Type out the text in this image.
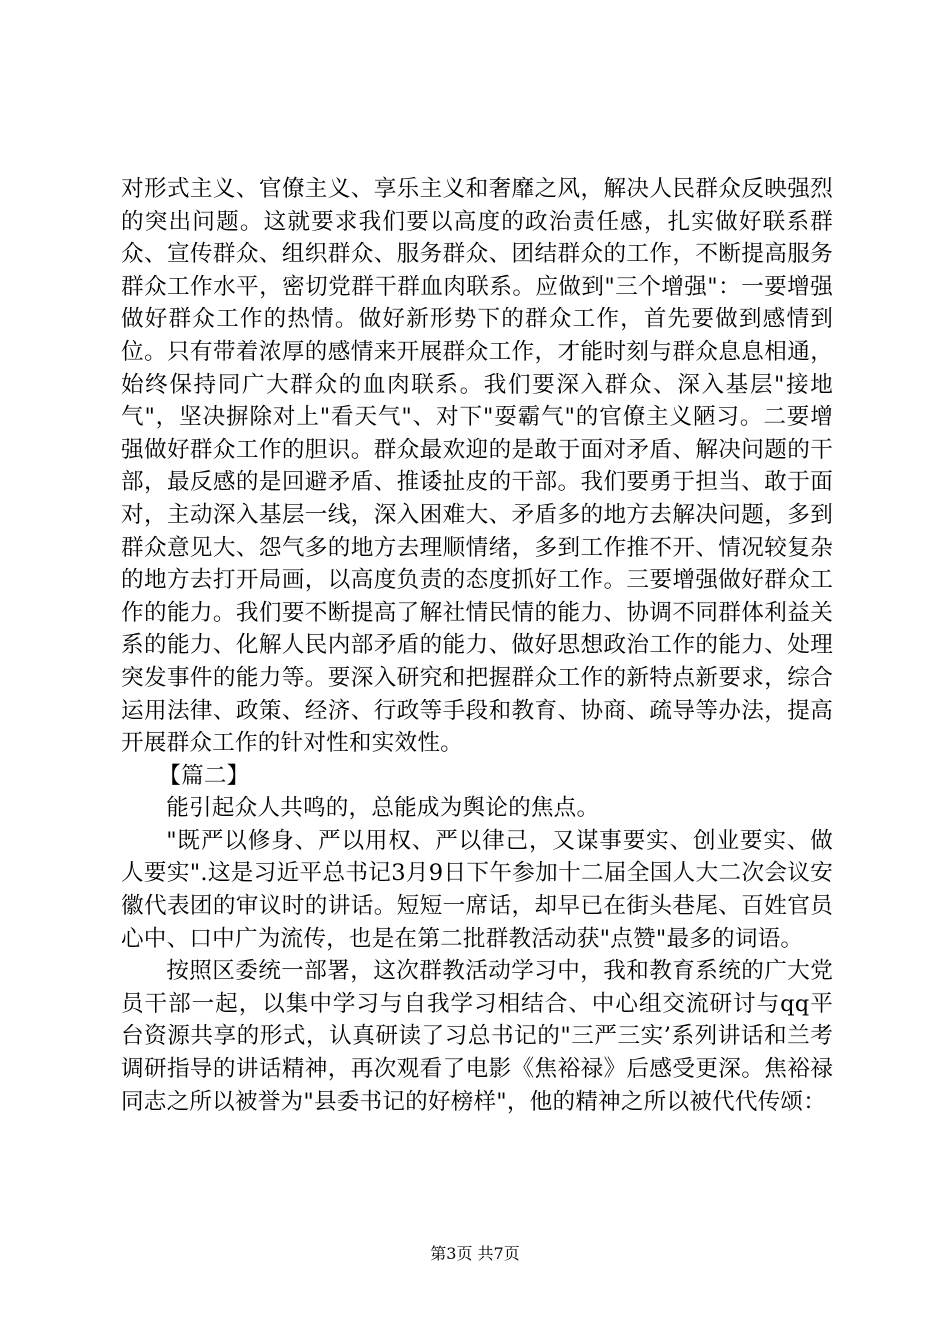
对形式主义、官僚主义、享乐主义和奢靡之风，解决人民群众反映强烈的突出问题。这就要求我们要以高度的政治责任感，扎实做好联系群众、宣传群众、组织群众、服务群众、团结群众的工作，不断提高服务群众工作水平，密切党群干群血肉联系。应做到"三个增强"：一要增强做好群众工作的热情。做好新形势下的群众工作，首先要做到感情到位。只有带着浓厚的感情来开展群众工作，才能时刻与群众息息相通，始终保持同广大群众的血肉联系。我们要深入群众、深入基层"接地气"，坚决摒除对上"看天气"、对下"耍霸气"的官僚主义陋习。二要增强做好群众工作的胆识。群众最欢迎的是敢于面对矛盾、解决问题的干部，最反感的是回避矛盾、推诿扯皮的干部。我们要勇于担当、敢于面对，主动深入基层一线，深入困难大、矛盾多的地方去解决问题，多到群众意见大、怨气多的地方去理顺情绪，多到工作推不开、情况较复杂的地方去打开局画，以高度负责的态度抓好工作。三要增强做好群众工作的能力。我们要不断提高了解社情民情的能力、协调不同群体利益关系的能力、化解人民内部矛盾的能力、做好思想政治工作的能力、处理突发事件的能力等。要深入研究和把握群众工作的新特点新要求，综合运用法律、政策、经济、行政等手段和教育、协商、疏导等办法，提高开展群众工作的针对性和实效性。

【篇二】

能引起众人共鸣的，总能成为舆论的焦点。

"既严以修身、严以用权、严以律己，又谋事要实、创业要实、做人要实".这是习近平总书记3月9日下午参加十二届全国人大二次会议安徽代表团的审议时的讲话。短短一席话，却早已在街头巷尾、百姓官员心中、口中广为流传，也是在第二批群教活动获"点赞"最多的词语。

按照区委统一部署，这次群教活动学习中，我和教育系统的广大党员干部一起，以集中学习与自我学习相结合、中心组交流研讨与qq平台资源共享的形式，认真研读了习总书记的"三严三实’系列讲话和兰考调研指导的讲话精神，再次观看了电影《焦裕禄》后感受更深。焦裕禄同志之所以被誉为"县委书记的好榜样"，他的精神之所以被代代传颂：

第3页 共7页
